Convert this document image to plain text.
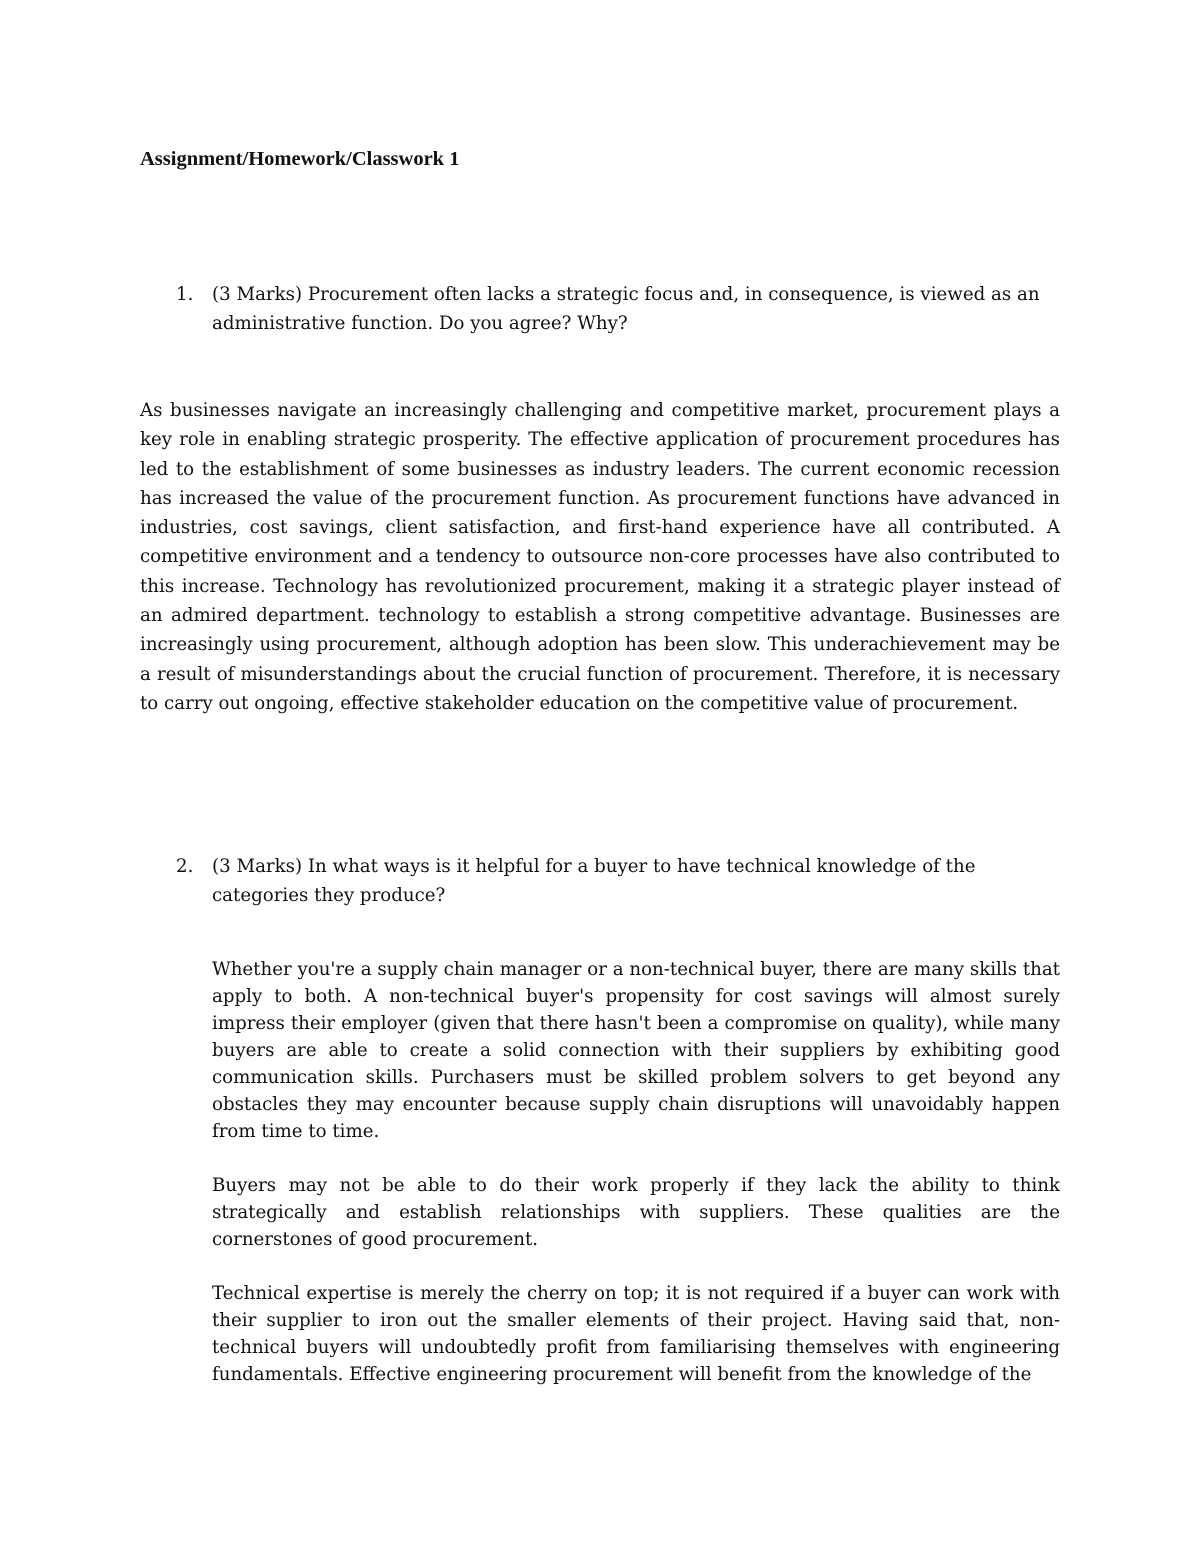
Assignment/Homework/Classwork 1
1.	(3 Marks) Procurement often lacks a strategic focus and, in consequence, is viewed as an administrative function. Do you agree? Why?

As businesses navigate an increasingly challenging and competitive market, procurement plays a key role in enabling strategic prosperity. The effective application of procurement procedures has led to the establishment of some businesses as industry leaders. The current economic recession has increased the value of the procurement function. As procurement functions have advanced in industries, cost savings, client satisfaction, and first-hand experience have all contributed. A competitive environment and a tendency to outsource non-core processes have also contributed to this increase. Technology has revolutionized procurement, making it a strategic player instead of an admired department. technology to establish a strong competitive advantage. Businesses are increasingly using procurement, although adoption has been slow. This underachievement may be a result of misunderstandings about the crucial function of procurement. Therefore, it is necessary to carry out ongoing, effective stakeholder education on the competitive value of procurement.

2.	(3 Marks) In what ways is it helpful for a buyer to have technical knowledge of the categories they produce?

Whether you're a supply chain manager or a non-technical buyer, there are many skills that apply to both. A non-technical buyer's propensity for cost savings will almost surely impress their employer (given that there hasn't been a compromise on quality), while many buyers are able to create a solid connection with their suppliers by exhibiting good communication skills. Purchasers must be skilled problem solvers to get beyond any obstacles they may encounter because supply chain disruptions will unavoidably happen from time to time.

Buyers may not be able to do their work properly if they lack the ability to think strategically and establish relationships with suppliers. These qualities are the cornerstones of good procurement.

Technical expertise is merely the cherry on top; it is not required if a buyer can work with their supplier to iron out the smaller elements of their project. Having said that, non-technical buyers will undoubtedly profit from familiarising themselves with engineering fundamentals. Effective engineering procurement will benefit from the knowledge of the
